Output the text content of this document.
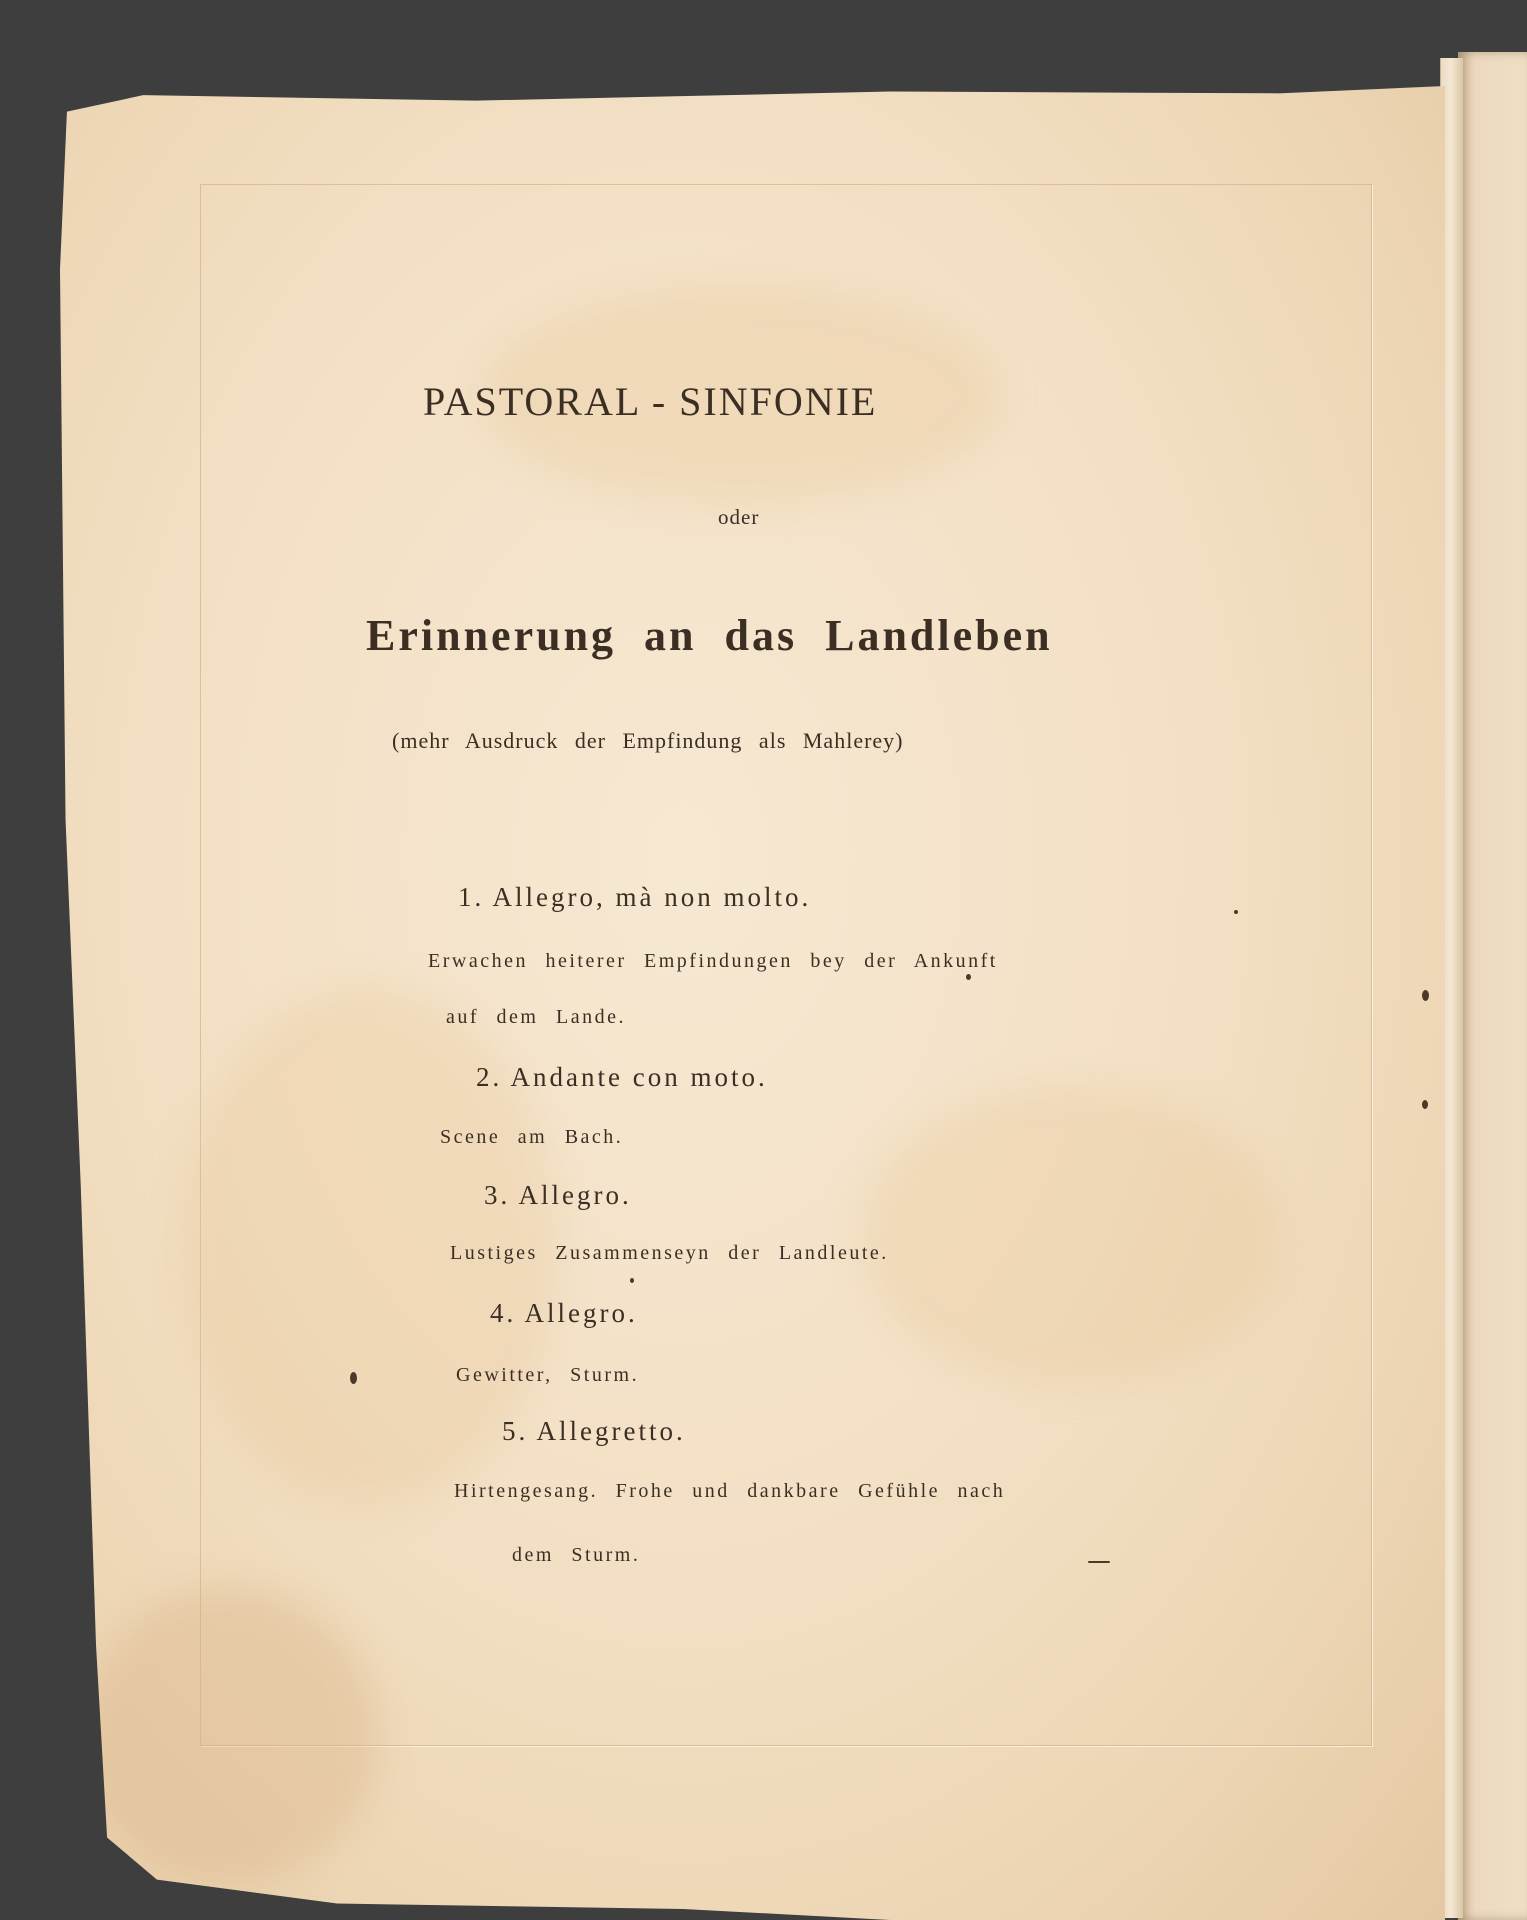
PASTORAL - SINFONIE

oder

Erinnerung an das Landleben

(mehr Ausdruck der Empfindung als Mahlerey)

1. Allegro, mà non molto.

Erwachen heiterer Empfindungen bey der Ankunft

auf dem Lande.

2. Andante con moto.

Scene am Bach.

3. Allegro.

Lustiges Zusammenseyn der Landleute.

4. Allegro.

Gewitter, Sturm.

5. Allegretto.

Hirtengesang. Frohe und dankbare Gefühle nach

dem Sturm.
